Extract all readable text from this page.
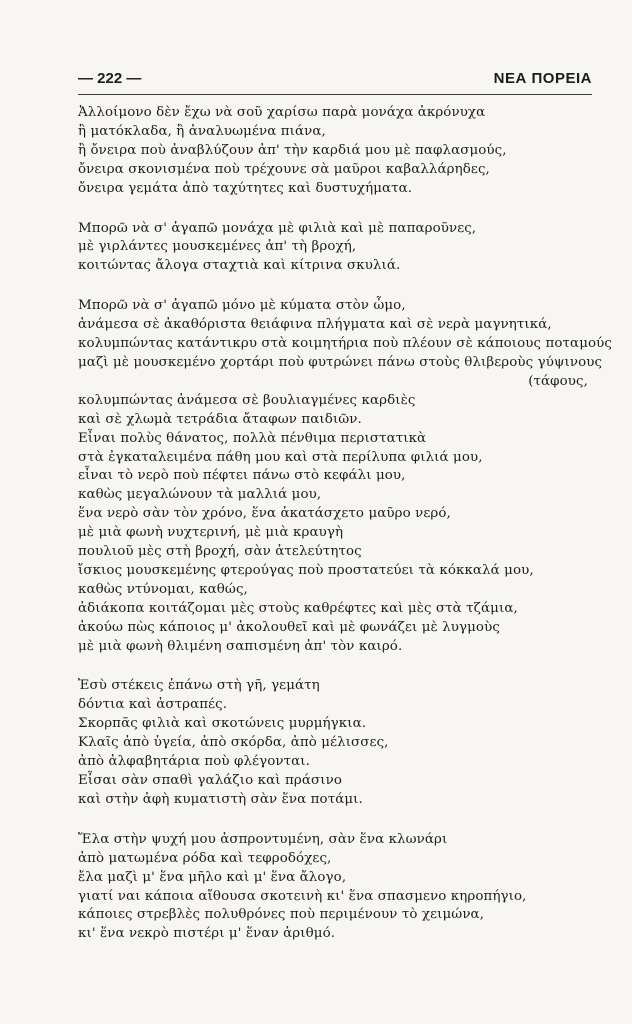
— 222 —	ΝΕΑ ΠΟΡΕΙΑ
Ἀλλοίμονο δὲν ἔχω νὰ σοῦ χαρίσω παρὰ μονάχα ἀκρόνυχα
ἢ ματόκλαδα, ἢ ἀναλυωμένα πιάνα,
ἢ ὄνειρα ποὺ ἀναβλύζουν ἀπ' τὴν καρδιά μου μὲ παφλασμούς,
ὄνειρα σκονισμένα ποὺ τρέχουνε σὰ μαῦροι καβαλλάρηδες,
ὄνειρα γεμάτα ἀπὸ ταχύτητες καὶ δυστυχήματα.
Μπορῶ νὰ σ' ἀγαπῶ μονάχα μὲ φιλιὰ καὶ μὲ παπαροῦνες,
μὲ γιρλάντες μουσκεμένες ἀπ' τὴ βροχή,
κοιτώντας ἄλογα σταχτιὰ καὶ κίτρινα σκυλιά.
Μπορῶ νὰ σ' ἀγαπῶ μόνο μὲ κύματα στὸν ὦμο,
ἀνάμεσα σὲ ἀκαθόριστα θειάφινα πλήγματα καὶ σὲ νερὰ μαγνητικά,
κολυμπώντας κατάντικρυ στὰ κοιμητήρια ποὺ πλέουν σὲ κάποιους ποταμούς
μαζὶ μὲ μουσκεμένο χορτάρι ποὺ φυτρώνει πάνω στοὺς θλιβεροὺς γύψινους
(τάφους,
κολυμπώντας ἀνάμεσα σὲ βουλιαγμένες καρδιὲς
καὶ σὲ χλωμὰ τετράδια ἄταφων παιδιῶν.
Εἶναι πολὺς θάνατος, πολλὰ πένθιμα περιστατικὰ
στὰ ἐγκαταλειμένα πάθη μου καὶ στὰ περίλυπα φιλιά μου,
εἶναι τὸ νερὸ ποὺ πέφτει πάνω στὸ κεφάλι μου,
καθὼς μεγαλώνουν τὰ μαλλιά μου,
ἕνα νερὸ σὰν τὸν χρόνο, ἕνα ἀκατάσχετο μαῦρο νερό,
μὲ μιὰ φωνὴ νυχτερινή, μὲ μιὰ κραυγὴ
πουλιοῦ μὲς στὴ βροχή, σὰν ἀτελεύτητος
ἴσκιος μουσκεμένης φτερούγας ποὺ προστατεύει τὰ κόκκαλά μου,
καθὼς ντύνομαι, καθώς,
ἀδιάκοπα κοιτάζομαι μὲς στοὺς καθρέφτες καὶ μὲς στὰ τζάμια,
ἀκούω πὼς κάποιος μ' ἀκολουθεῖ καὶ μὲ φωνάζει μὲ λυγμοὺς
μὲ μιὰ φωνὴ θλιμένη σαπισμένη ἀπ' τὸν καιρό.
Ἐσὺ στέκεις ἐπάνω στὴ γῆ, γεμάτη
δόντια καὶ ἀστραπές.
Σκορπᾶς φιλιὰ καὶ σκοτώνεις μυρμήγκια.
Κλαῖς ἀπὸ ὑγεία, ἀπὸ σκόρδα, ἀπὸ μέλισσες,
ἀπὸ ἀλφαβητάρια ποὺ φλέγονται.
Εἶσαι σὰν σπαθὶ γαλάζιο καὶ πράσινο
καὶ στὴν ἀφὴ κυματιστὴ σὰν ἕνα ποτάμι.
Ἔλα στὴν ψυχή μου ἀσπροντυμένη, σὰν ἕνα κλωνάρι
ἀπὸ ματωμένα ρόδα καὶ τεφροδόχες,
ἔλα μαζὶ μ' ἕνα μῆλο καὶ μ' ἕνα ἄλογο,
γιατί ναι κάποια αἴθουσα σκοτεινὴ κι' ἕνα σπασμενο κηροπήγιο,
κάποιες στρεβλὲς πολυθρόνες ποὺ περιμένουν τὸ χειμώνα,
κι' ἕνα νεκρὸ πιστέρι μ' ἕναν ἀριθμό.
